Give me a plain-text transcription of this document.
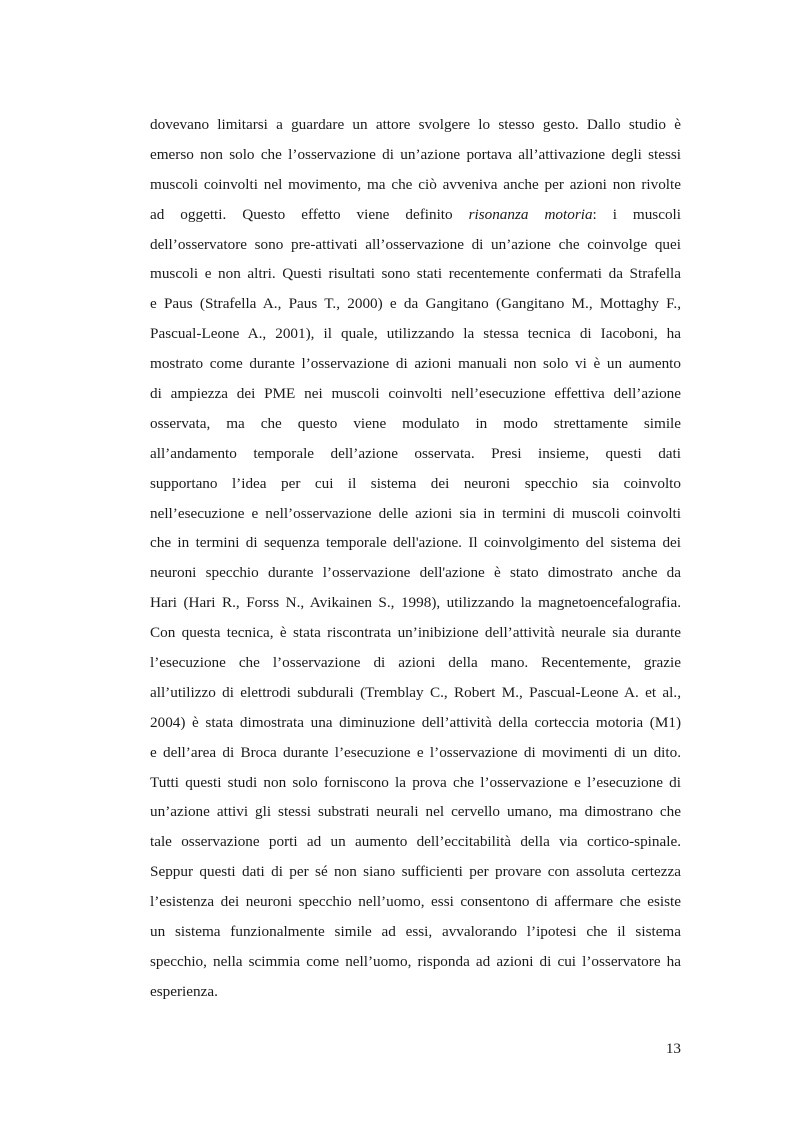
dovevano limitarsi a guardare un attore svolgere lo stesso gesto. Dallo studio è
emerso non solo che l’osservazione di un’azione portava all’attivazione degli stessi
muscoli coinvolti nel movimento, ma che ciò avveniva anche per azioni non rivolte
ad oggetti. Questo effetto viene definito risonanza motoria: i muscoli
dell’osservatore sono pre-attivati all’osservazione di un’azione che coinvolge quei
muscoli e non altri. Questi risultati sono stati recentemente confermati da Strafella
e Paus (Strafella A., Paus T., 2000) e da Gangitano (Gangitano M., Mottaghy F.,
Pascual-Leone A., 2001), il quale, utilizzando la stessa tecnica di Iacoboni, ha
mostrato come durante l’osservazione di azioni manuali non solo vi è un aumento
di ampiezza dei PME nei muscoli coinvolti nell’esecuzione effettiva dell’azione
osservata, ma che questo viene modulato in modo strettamente simile
all’andamento temporale dell’azione osservata. Presi insieme, questi dati
supportano l’idea per cui il sistema dei neuroni specchio sia coinvolto
nell’esecuzione e nell’osservazione delle azioni sia in termini di muscoli coinvolti
che in termini di sequenza temporale dell'azione. Il coinvolgimento del sistema dei
neuroni specchio durante l’osservazione dell'azione è stato dimostrato anche da
Hari (Hari R., Forss N., Avikainen S., 1998), utilizzando la magnetoencefalografia.
Con questa tecnica, è stata riscontrata un’inibizione dell’attività neurale sia durante
l’esecuzione che l’osservazione di azioni della mano. Recentemente, grazie
all’utilizzo di elettrodi subdurali (Tremblay C., Robert M., Pascual-Leone A. et al.,
2004) è stata dimostrata una diminuzione dell’attività della corteccia motoria (M1)
e dell’area di Broca durante l’esecuzione e l’osservazione di movimenti di un dito.
Tutti questi studi non solo forniscono la prova che l’osservazione e l’esecuzione di
un’azione attivi gli stessi substrati neurali nel cervello umano, ma dimostrano che
tale osservazione porti ad un aumento dell’eccitabilità della via cortico-spinale.
Seppur questi dati di per sé non siano sufficienti per provare con assoluta certezza
l’esistenza dei neuroni specchio nell’uomo, essi consentono di affermare che esiste
un sistema funzionalmente simile ad essi, avvalorando l’ipotesi che il sistema
specchio, nella scimmia come nell’uomo, risponda ad azioni di cui l’osservatore ha
esperienza.
13
